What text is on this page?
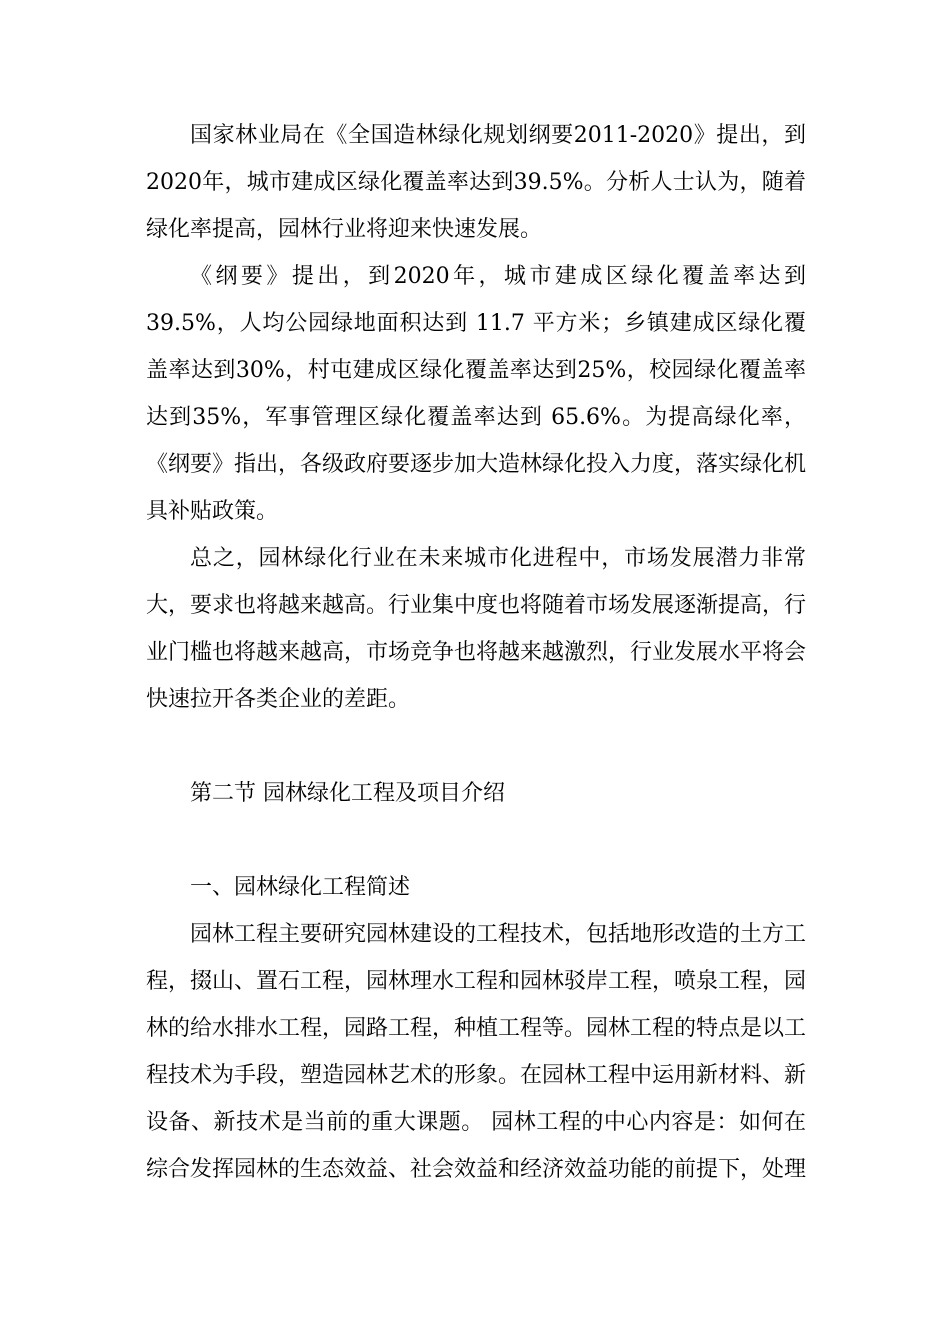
国家林业局在《全国造林绿化规划纲要2011-2020》提出，到2020年，城市建成区绿化覆盖率达到39.5%。分析人士认为，随着绿化率提高，园林行业将迎来快速发展。

《纲要》提出，到2020年，城市建成区绿化覆盖率达到39.5%，人均公园绿地面积达到 11.7 平方米；乡镇建成区绿化覆盖率达到30%，村屯建成区绿化覆盖率达到25%，校园绿化覆盖率达到35%，军事管理区绿化覆盖率达到 65.6%。为提高绿化率，《纲要》指出，各级政府要逐步加大造林绿化投入力度，落实绿化机具补贴政策。

总之，园林绿化行业在未来城市化进程中，市场发展潜力非常大，要求也将越来越高。行业集中度也将随着市场发展逐渐提高，行业门槛也将越来越高，市场竞争也将越来越激烈，行业发展水平将会快速拉开各类企业的差距。

第二节 园林绿化工程及项目介绍

一、园林绿化工程简述

园林工程主要研究园林建设的工程技术，包括地形改造的土方工程，掇山、置石工程，园林理水工程和园林驳岸工程，喷泉工程，园林的给水排水工程，园路工程，种植工程等。园林工程的特点是以工程技术为手段，塑造园林艺术的形象。在园林工程中运用新材料、新设备、新技术是当前的重大课题。 园林工程的中心内容是：如何在综合发挥园林的生态效益、社会效益和经济效益功能的前提下，处理
